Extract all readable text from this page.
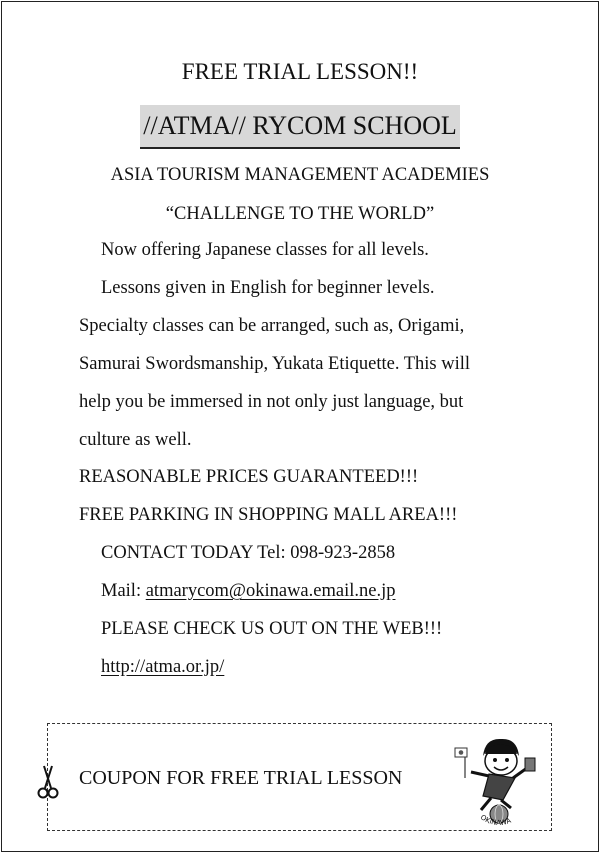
FREE TRIAL LESSON!!
//ATMA// RYCOM SCHOOL
ASIA TOURISM MANAGEMENT ACADEMIES
“CHALLENGE TO THE WORLD”
Now offering Japanese classes for all levels.
Lessons given in English for beginner levels.
Specialty classes can be arranged, such as, Origami,
Samurai Swordsmanship, Yukata Etiquette. This will
help you be immersed in not only just language, but
culture as well.
REASONABLE PRICES GUARANTEED!!!
FREE PARKING IN SHOPPING MALL AREA!!!
CONTACT TODAY Tel: 098-923-2858
Mail: atmarycom@okinawa.email.ne.jp
PLEASE CHECK US OUT ON THE WEB!!!
http://atma.or.jp/
COUPON FOR FREE TRIAL LESSON
OKINAWA
